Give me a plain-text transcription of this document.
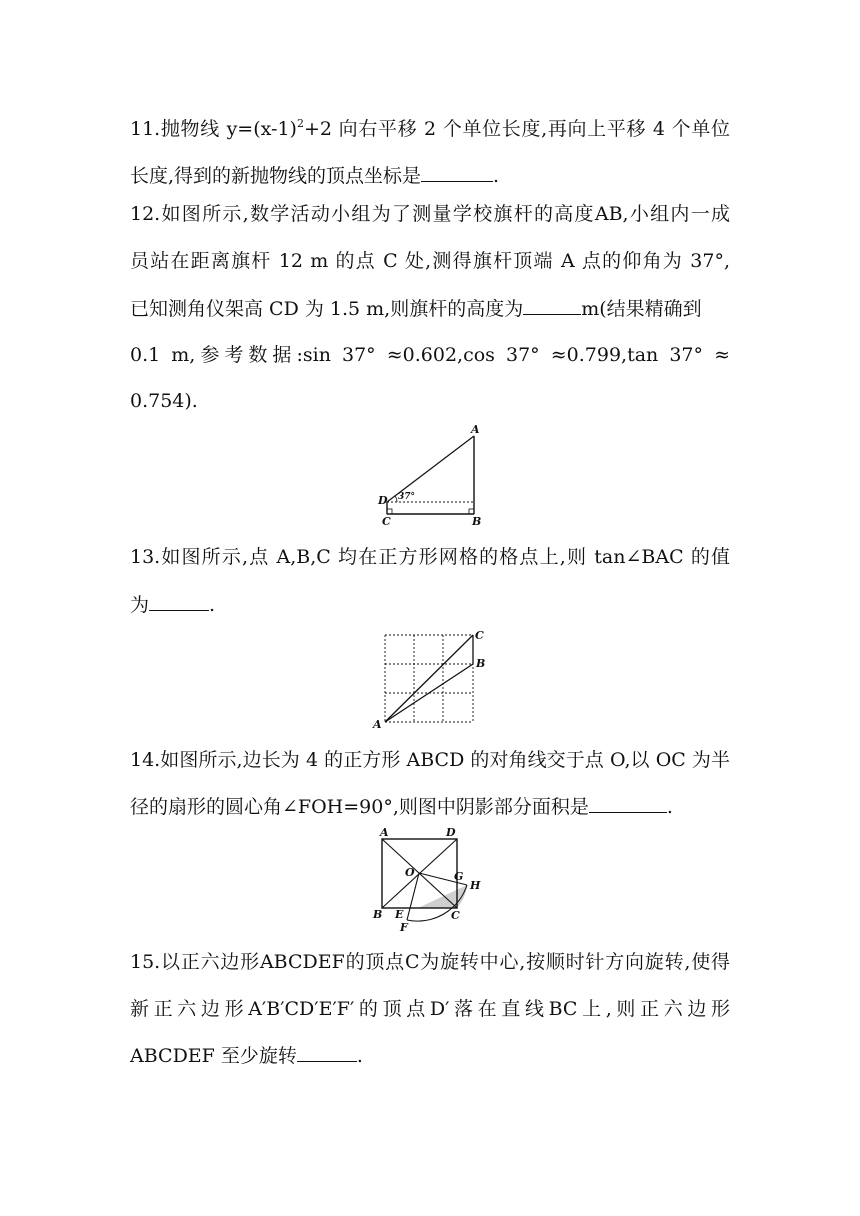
11.抛物线 $y=(x-1)^2+2$ 向右平移 2 个单位长度,再向上平移 4 个单位
长度,得到的新抛物线的顶点坐标是	.
12.如图所示,数学活动小组为了测量学校旗杆的高度AB,小组内一成
员站在距离旗杆 12 m 的点 C 处,测得旗杆顶端 A 点的仰角为 37°,
已知测角仪架高 CD 为 1.5 m,则旗杆的高度为	m(结果精确到
0.1 m,参考数据:sin 37° ≈0.602,cos 37° ≈0.799,tan 37° ≈
0.754).
A
B
C
D 37°
13.如图所示,点 A,B,C 均在正方形网格的格点上,则 tan∠BAC 的值
为	.
A
B
C
14.如图所示,边长为 4 的正方形 ABCD 的对角线交于点 O,以 OC 为半
径的扇形的圆心角∠FOH=90°,则图中阴影部分面积是	.
A	D
B	C
O
E
F
G
H
15.以正六边形ABCDEF的顶点C为旋转中心,按顺时针方向旋转,使得
新正六边形A′B′CD′E′F′的顶点D′落在直线BC上,则正六边形
ABCDEF 至少旋转	.
